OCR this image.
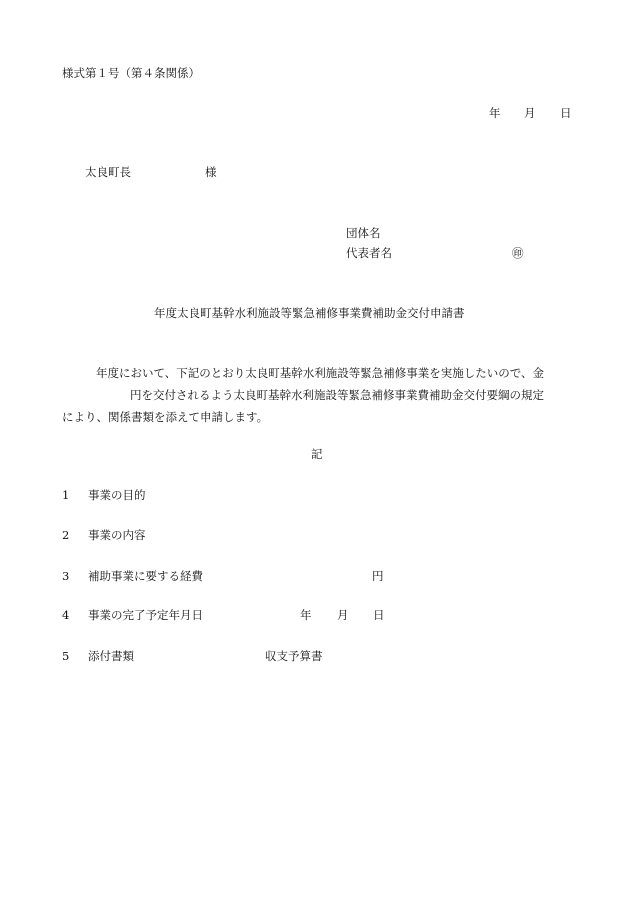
様式第１号（第４条関係）
年 月 日
太良町長	様
団体名
代表者名	㊞
年度太良町基幹水利施設等緊急補修事業費補助金交付申請書
年度において、下記のとおり太良町基幹水利施設等緊急補修事業を実施したいので、金
円を交付されるよう太良町基幹水利施設等緊急補修事業費補助金交付要綱の規定
により、関係書類を添えて申請します。
記
1 事業の目的
2 事業の内容
3 補助事業に要する経費	円
4 事業の完了予定年月日	年 月 日
5 添付書類	収支予算書
